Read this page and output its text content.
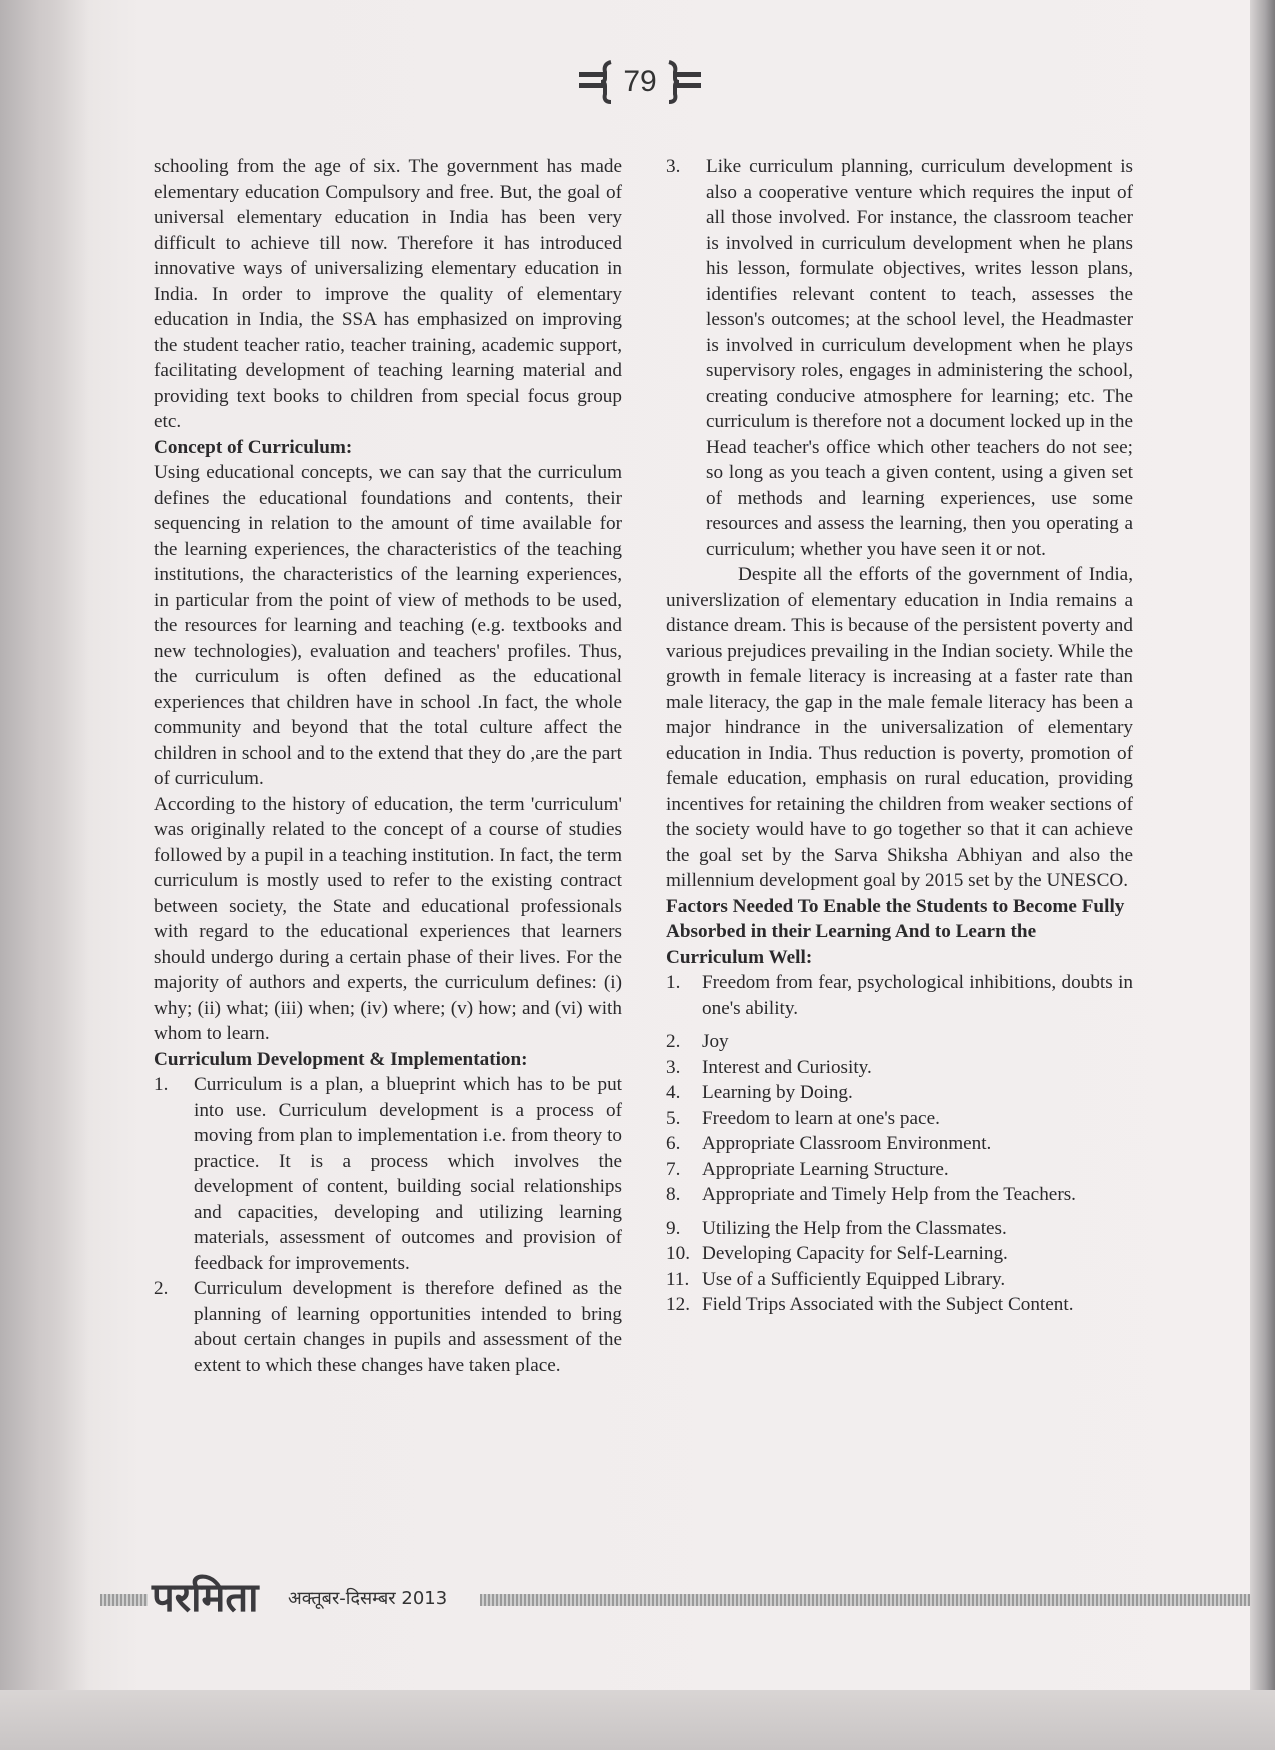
79

schooling from the age of six. The government has made elementary education Compulsory and free. But, the goal of universal elementary education in India has been very difficult to achieve till now. Therefore it has introduced innovative ways of universalizing elementary education in India. In order to improve the quality of elementary education in India, the SSA has emphasized on improving the student teacher ratio, teacher training, academic support, facilitating development of teaching learning material and providing text books to children from special focus group etc.

Concept of Curriculum:

Using educational concepts, we can say that the curriculum defines the educational foundations and contents, their sequencing in relation to the amount of time available for the learning experiences, the characteristics of the teaching institutions, the characteristics of the learning experiences, in particular from the point of view of methods to be used, the resources for learning and teaching (e.g. textbooks and new technologies), evaluation and teachers' profiles. Thus, the curriculum is often defined as the educational experiences that children have in school .In fact, the whole community and beyond that the total culture affect the children in school and to the extend that they do ,are the part of curriculum.

According to the history of education, the term 'curriculum' was originally related to the concept of a course of studies followed by a pupil in a teaching institution. In fact, the term curriculum is mostly used to refer to the existing contract between society, the State and educational professionals with regard to the educational experiences that learners should undergo during a certain phase of their lives. For the majority of authors and experts, the curriculum defines: (i) why; (ii) what; (iii) when; (iv) where; (v) how; and (vi) with whom to learn.

Curriculum Development & Implementation:
1. Curriculum is a plan, a blueprint which has to be put into use. Curriculum development is a process of moving from plan to implementation i.e. from theory to practice. It is a process which involves the development of content, building social relationships and capacities, developing and utilizing learning materials, assessment of outcomes and provision of feedback for improvements.
2. Curriculum development is therefore defined as the planning of learning opportunities intended to bring about certain changes in pupils and assessment of the extent to which these changes have taken place.
3. Like curriculum planning, curriculum development is also a cooperative venture which requires the input of all those involved. For instance, the classroom teacher is involved in curriculum development when he plans his lesson, formulate objectives, writes lesson plans, identifies relevant content to teach, assesses the lesson's outcomes; at the school level, the Headmaster is involved in curriculum development when he plays supervisory roles, engages in administering the school, creating conducive atmosphere for learning; etc. The curriculum is therefore not a document locked up in the Head teacher's office which other teachers do not see; so long as you teach a given content, using a given set of methods and learning experiences, use some resources and assess the learning, then you operating a curriculum; whether you have seen it or not.

Despite all the efforts of the government of India, universlization of elementary education in India remains a distance dream. This is because of the persistent poverty and various prejudices prevailing in the Indian society. While the growth in female literacy is increasing at a faster rate than male literacy, the gap in the male female literacy has been a major hindrance in the universalization of elementary education in India. Thus reduction is poverty, promotion of female education, emphasis on rural education, providing incentives for retaining the children from weaker sections of the society would have to go together so that it can achieve the goal set by the Sarva Shiksha Abhiyan and also the millennium development goal by 2015 set by the UNESCO.

Factors Needed To Enable the Students to Become Fully Absorbed in their Learning And to Learn the Curriculum Well:
1. Freedom from fear, psychological inhibitions, doubts in one's ability.
2. Joy
3. Interest and Curiosity.
4. Learning by Doing.
5. Freedom to learn at one's pace.
6. Appropriate Classroom Environment.
7. Appropriate Learning Structure.
8. Appropriate and Timely Help from the Teachers.
9. Utilizing the Help from the Classmates.
10. Developing Capacity for Self-Learning.
11. Use of a Sufficiently Equipped Library.
12. Field Trips Associated with the Subject Content.
परमिता अक्तूबर-दिसम्बर 2013
